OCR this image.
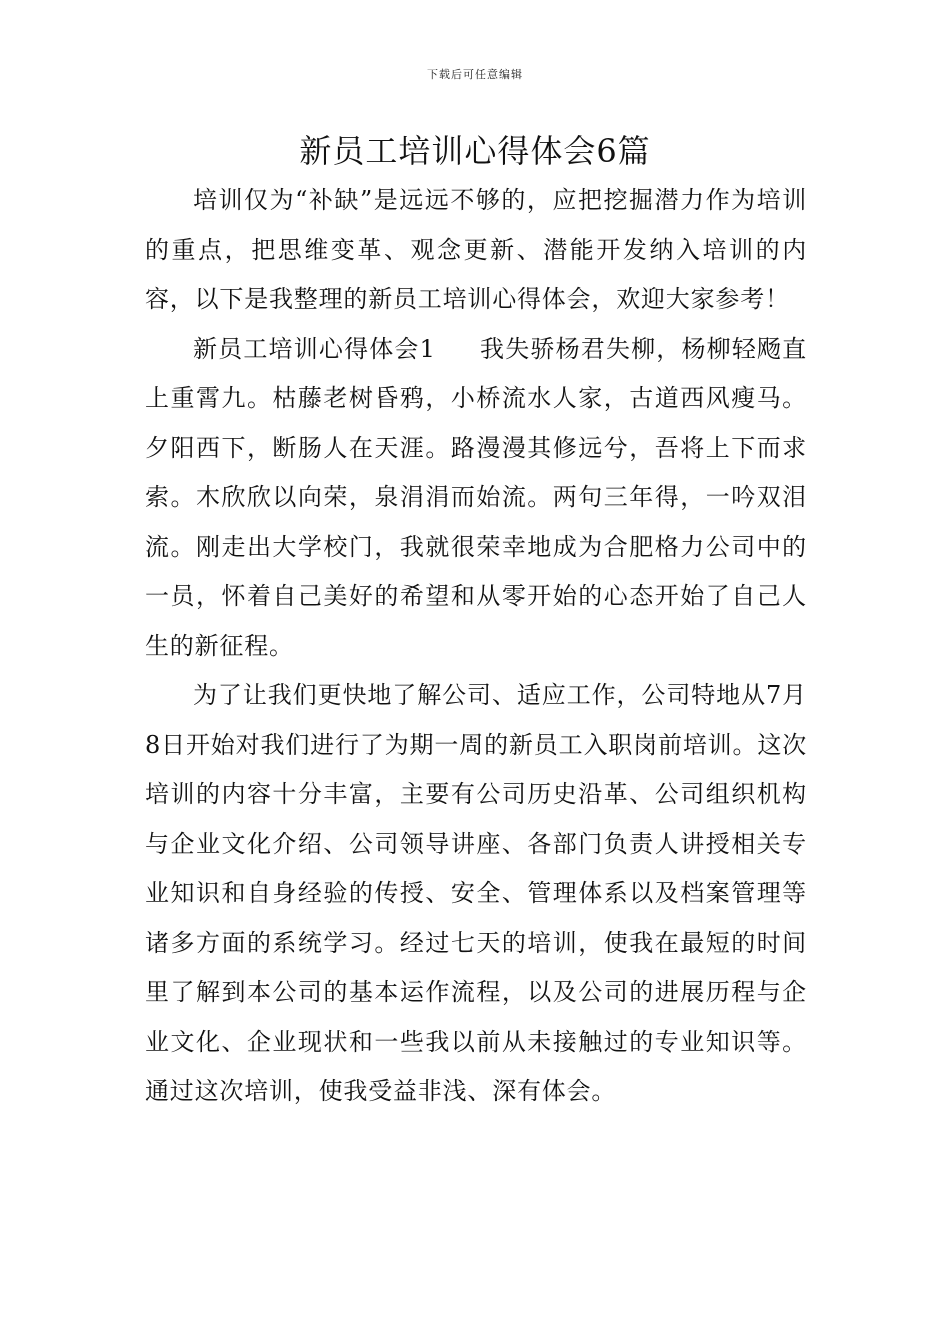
下载后可任意编辑
新员工培训心得体会6篇

培训仅为“补缺”是远远不够的，应把挖掘潜力作为培训的重点，把思维变革、观念更新、潜能开发纳入培训的内容，以下是我整理的新员工培训心得体会，欢迎大家参考！

新员工培训心得体会1 我失骄杨君失柳，杨柳轻飏直上重霄九。枯藤老树昏鸦，小桥流水人家，古道西风瘦马。夕阳西下，断肠人在天涯。路漫漫其修远兮，吾将上下而求索。木欣欣以向荣，泉涓涓而始流。两句三年得，一吟双泪流。刚走出大学校门，我就很荣幸地成为合肥格力公司中的一员，怀着自己美好的希望和从零开始的心态开始了自己人生的新征程。

为了让我们更快地了解公司、适应工作，公司特地从7月8日开始对我们进行了为期一周的新员工入职岗前培训。这次培训的内容十分丰富，主要有公司历史沿革、公司组织机构与企业文化介绍、公司领导讲座、各部门负责人讲授相关专业知识和自身经验的传授、安全、管理体系以及档案管理等诸多方面的系统学习。经过七天的培训，使我在最短的时间里了解到本公司的基本运作流程，以及公司的进展历程与企业文化、企业现状和一些我以前从未接触过的专业知识等。通过这次培训，使我受益非浅、深有体会。
